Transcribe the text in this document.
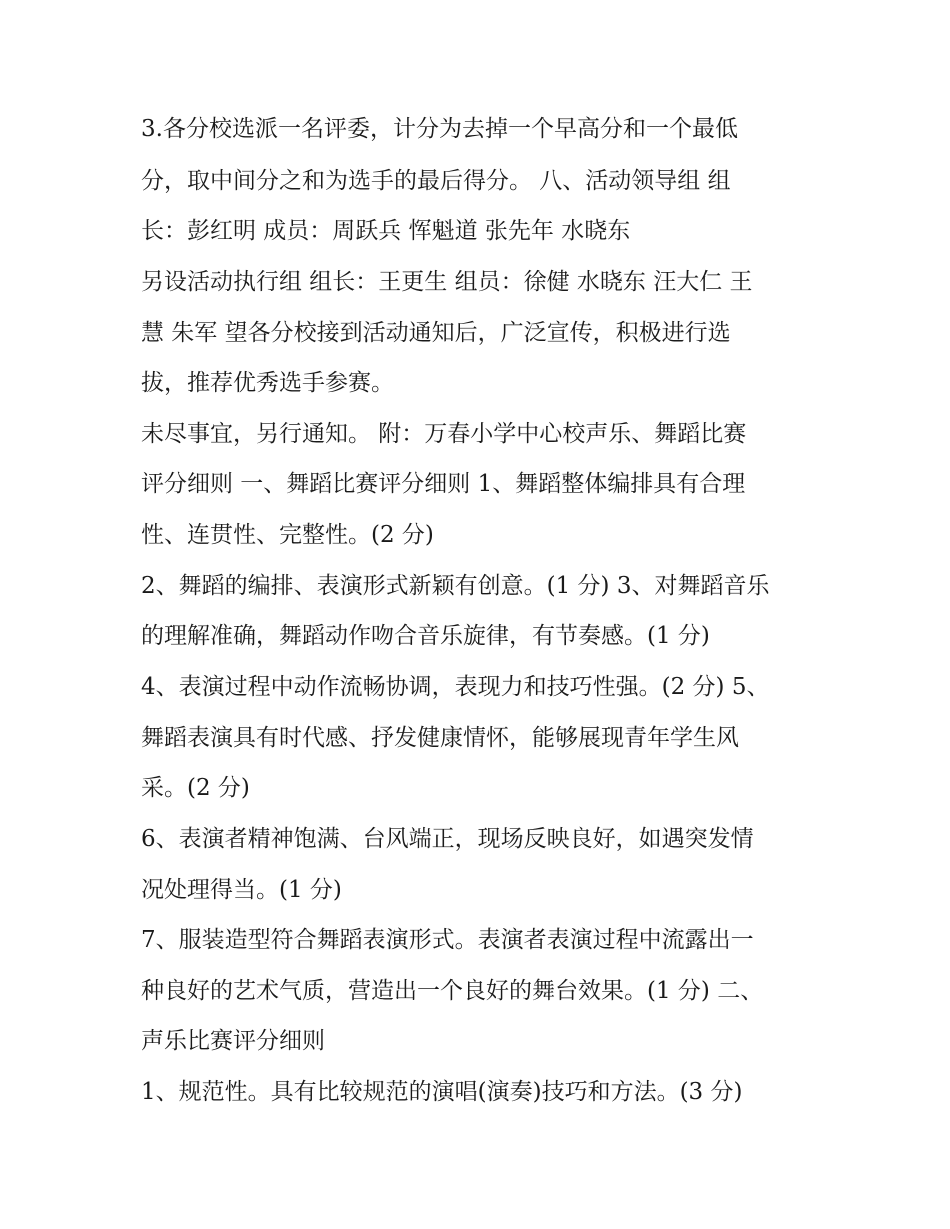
3.各分校选派一名评委，计分为去掉一个早高分和一个最低
分，取中间分之和为选手的最后得分。 八、活动领导组 组
长：彭红明 成员：周跃兵 恽魁道 张先年 水晓东
另设活动执行组 组长：王更生 组员：徐健 水晓东 汪大仁 王
慧 朱军 望各分校接到活动通知后，广泛宣传，积极进行选
拔，推荐优秀选手参赛。
未尽事宜，另行通知。 附：万春小学中心校声乐、舞蹈比赛
评分细则 一、舞蹈比赛评分细则 1、舞蹈整体编排具有合理
性、连贯性、完整性。(2 分)
2、舞蹈的编排、表演形式新颖有创意。(1 分) 3、对舞蹈音乐
的理解准确，舞蹈动作吻合音乐旋律，有节奏感。(1 分)
4、表演过程中动作流畅协调，表现力和技巧性强。(2 分) 5、
舞蹈表演具有时代感、抒发健康情怀，能够展现青年学生风
采。(2 分)
6、表演者精神饱满、台风端正，现场反映良好，如遇突发情
况处理得当。(1 分)
7、服装造型符合舞蹈表演形式。表演者表演过程中流露出一
种良好的艺术气质，营造出一个良好的舞台效果。(1 分) 二、
声乐比赛评分细则
1、规范性。具有比较规范的演唱(演奏)技巧和方法。(3 分)
